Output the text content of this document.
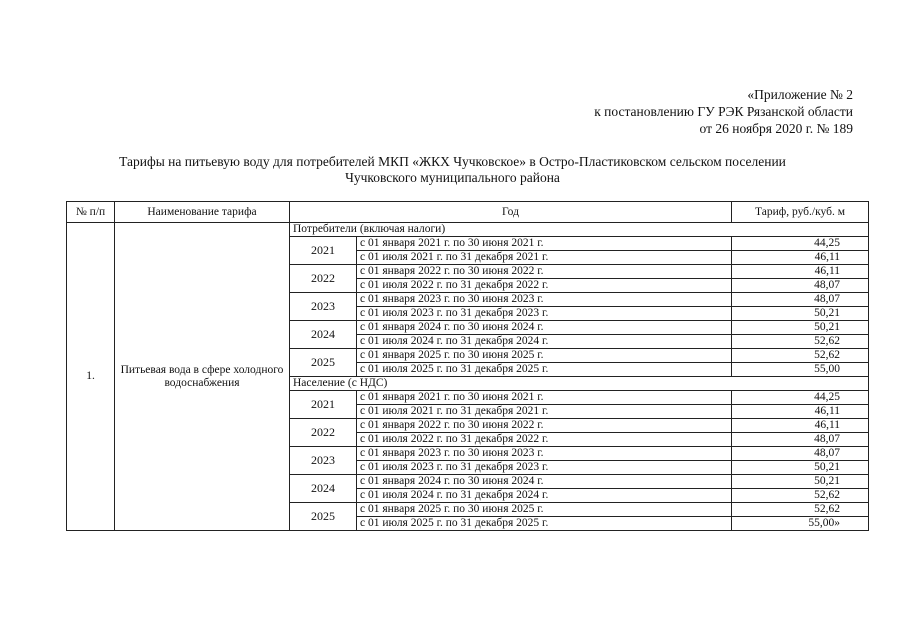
«Приложение № 2
к постановлению ГУ РЭК Рязанской области
от 26 ноября 2020 г. № 189
Тарифы на питьевую воду для потребителей МКП «ЖКХ Чучковское» в Остро-Пластиковском сельском поселении
Чучковского муниципального района
№ п/п	Наименование тарифа	Год		Тариф, руб./куб. м
1.	Питьевая вода в сфере холодного водоснабжения	Потребители (включая налоги)		
		2021	с 01 января 2021 г. по 30 июня 2021 г.	44,25
			с 01 июля 2021 г. по 31 декабря 2021 г.	46,11
		2022	с 01 января 2022 г. по 30 июня 2022 г.	46,11
			с 01 июля 2022 г. по 31 декабря 2022 г.	48,07
		2023	с 01 января 2023 г. по 30 июня 2023 г.	48,07
			с 01 июля 2023 г. по 31 декабря 2023 г.	50,21
		2024	с 01 января 2024 г. по 30 июня 2024 г.	50,21
			с 01 июля 2024 г. по 31 декабря 2024 г.	52,62
		2025	с 01 января 2025 г. по 30 июня 2025 г.	52,62
			с 01 июля 2025 г. по 31 декабря 2025 г.	55,00
		Население (с НДС)		
		2021	с 01 января 2021 г. по 30 июня 2021 г.	44,25
			с 01 июля 2021 г. по 31 декабря 2021 г.	46,11
		2022	с 01 января 2022 г. по 30 июня 2022 г.	46,11
			с 01 июля 2022 г. по 31 декабря 2022 г.	48,07
		2023	с 01 января 2023 г. по 30 июня 2023 г.	48,07
			с 01 июля 2023 г. по 31 декабря 2023 г.	50,21
		2024	с 01 января 2024 г. по 30 июня 2024 г.	50,21
			с 01 июля 2024 г. по 31 декабря 2024 г.	52,62
		2025	с 01 января 2025 г. по 30 июня 2025 г.	52,62
			с 01 июля 2025 г. по 31 декабря 2025 г.	55,00»
